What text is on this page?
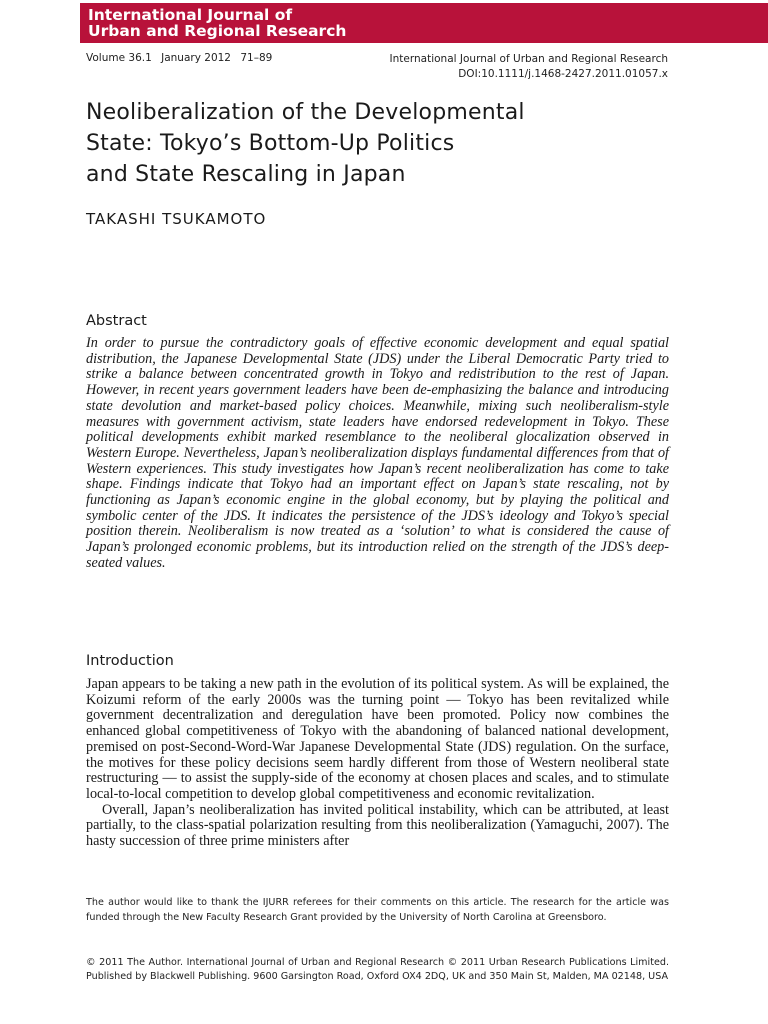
International Journal of
Urban and Regional Research
Volume 36.1 January 2012 71–89	International Journal of Urban and Regional Research
DOI:10.1111/j.1468-2427.2011.01057.x
Neoliberalization of the Developmental
State: Tokyo’s Bottom-Up Politics
and State Rescaling in Japan
TAKASHI TSUKAMOTO
Abstract

In order to pursue the contradictory goals of effective economic development and equal spatial distribution, the Japanese Developmental State (JDS) under the Liberal Democratic Party tried to strike a balance between concentrated growth in Tokyo and redistribution to the rest of Japan. However, in recent years government leaders have been de-emphasizing the balance and introducing state devolution and market-based policy choices. Meanwhile, mixing such neoliberalism-style measures with government activism, state leaders have endorsed redevelopment in Tokyo. These political developments exhibit marked resemblance to the neoliberal glocalization observed in Western Europe. Nevertheless, Japan’s neoliberalization displays fundamental differences from that of Western experiences. This study investigates how Japan’s recent neoliberalization has come to take shape. Findings indicate that Tokyo had an important effect on Japan’s state rescaling, not by functioning as Japan’s economic engine in the global economy, but by playing the political and symbolic center of the JDS. It indicates the persistence of the JDS’s ideology and Tokyo’s special position therein. Neoliberalism is now treated as a ‘solution’ to what is considered the cause of Japan’s prolonged economic problems, but its introduction relied on the strength of the JDS’s deep-seated values.

Introduction

Japan appears to be taking a new path in the evolution of its political system. As will be explained, the Koizumi reform of the early 2000s was the turning point — Tokyo has been revitalized while government decentralization and deregulation have been promoted. Policy now combines the enhanced global competitiveness of Tokyo with the abandoning of balanced national development, premised on post-Second-Word-War Japanese Developmental State (JDS) regulation. On the surface, the motives for these policy decisions seem hardly different from those of Western neoliberal state restructuring — to assist the supply-side of the economy at chosen places and scales, and to stimulate local-to-local competition to develop global competitiveness and economic revitalization.

Overall, Japan’s neoliberalization has invited political instability, which can be attributed, at least partially, to the class-spatial polarization resulting from this neoliberalization (Yamaguchi, 2007). The hasty succession of three prime ministers after

The author would like to thank the IJURR referees for their comments on this article. The research for the article was funded through the New Faculty Research Grant provided by the University of North Carolina at Greensboro.

© 2011 The Author. International Journal of Urban and Regional Research © 2011 Urban Research Publications Limited. Published by Blackwell Publishing. 9600 Garsington Road, Oxford OX4 2DQ, UK and 350 Main St, Malden, MA 02148, USA
